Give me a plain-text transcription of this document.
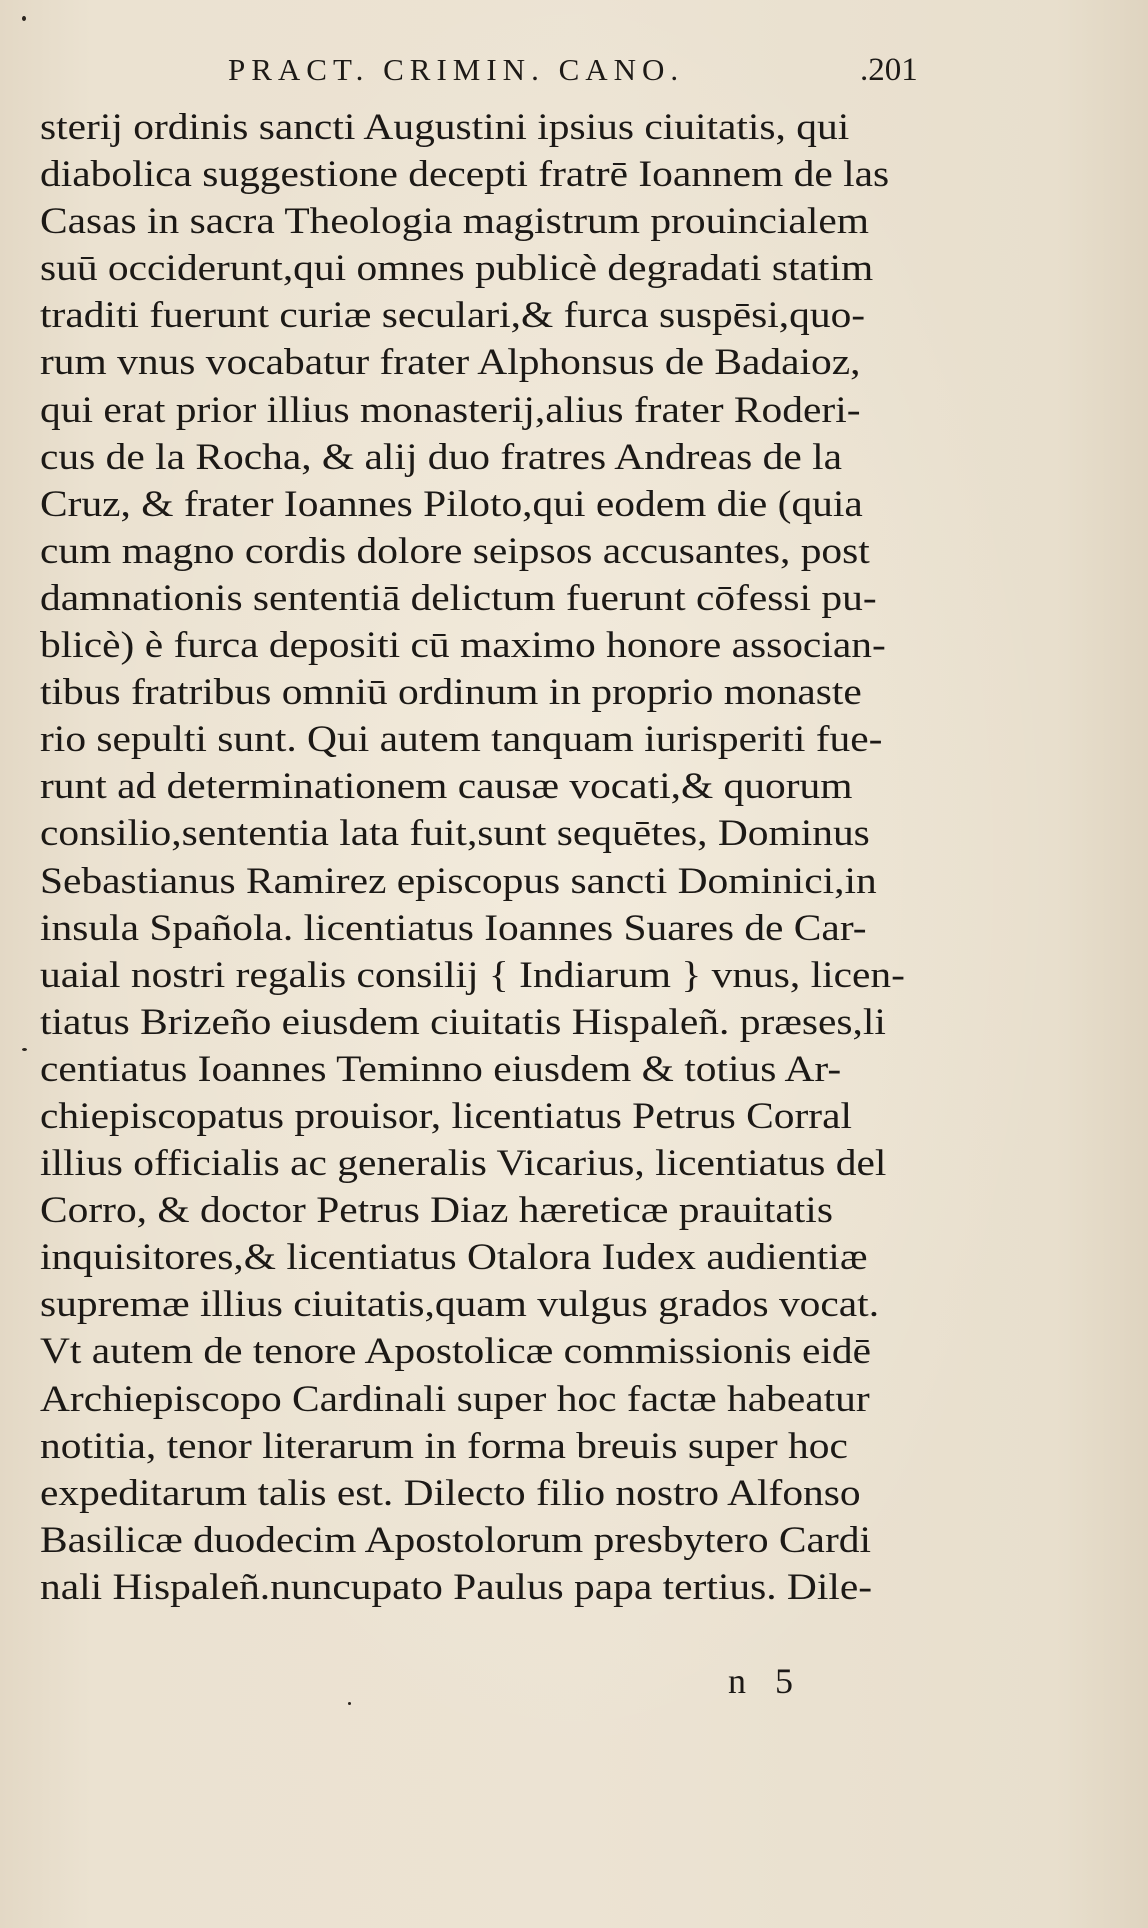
PRACT. CRIMIN. CANO.	.201
sterij ordinis sancti Augustini ipsius ciuitatis, qui
diabolica suggestione decepti fratrē Ioannem de las
Casas in sacra Theologia magistrum prouincialem
suū occiderunt,qui omnes publicè degradati statim
traditi fuerunt curiæ seculari,& furca suspēsi,quo-
rum vnus vocabatur frater Alphonsus de Badaioz,
qui erat prior illius monasterij,alius frater Roderi-
cus de la Rocha, & alij duo fratres Andreas de la
Cruz, & frater Ioannes Piloto,qui eodem die (quia
cum magno cordis dolore seipsos accusantes, post
damnationis sententiā delictum fuerunt cōfessi pu-
blicè) è furca depositi cū maximo honore associan-
tibus fratribus omniū ordinum in proprio monaste
rio sepulti sunt. Qui autem tanquam iurisperiti fue-
runt ad determinationem causæ vocati,& quorum
consilio,sententia lata fuit,sunt sequētes, Dominus
Sebastianus Ramirez episcopus sancti Dominici,in
insula Spañola. licentiatus Ioannes Suares de Car-
uaial nostri regalis consilij { Indiarum } vnus, licen-
tiatus Brizeño eiusdem ciuitatis Hispaleñ. præses,li
centiatus Ioannes Teminno eiusdem & totius Ar-
chiepiscopatus prouisor, licentiatus Petrus Corral
illius officialis ac generalis Vicarius, licentiatus del
Corro, & doctor Petrus Diaz hæreticæ prauitatis
inquisitores,& licentiatus Otalora Iudex audientiæ
supremæ illius ciuitatis,quam vulgus grados vocat.
Vt autem de tenore Apostolicæ commissionis eidē
Archiepiscopo Cardinali super hoc factæ habeatur
notitia, tenor literarum in forma breuis super hoc
expeditarum talis est. Dilecto filio nostro Alfonso
Basilicæ duodecim Apostolorum presbytero Cardi
nali Hispaleñ.nuncupato Paulus papa tertius. Dile-
n 5
